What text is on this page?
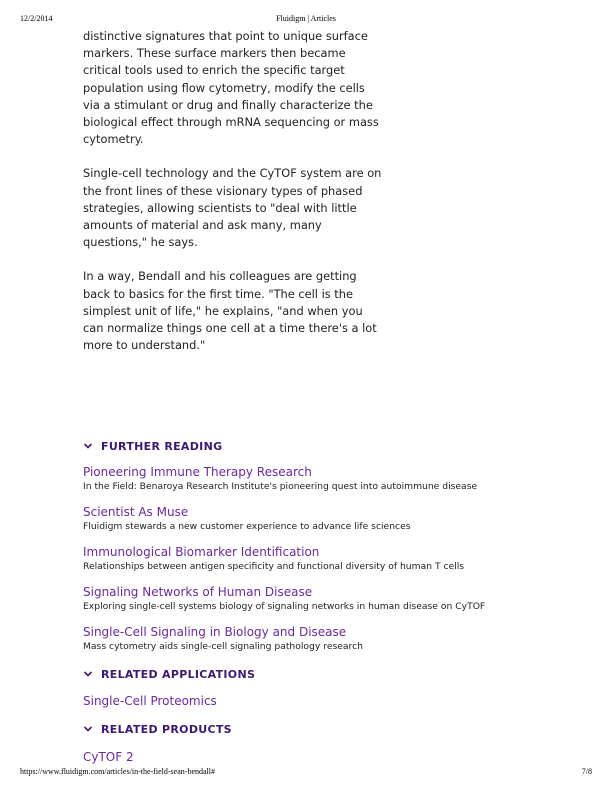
12/2/2014	Fluidigm | Articles

distinctive signatures that point to unique surface markers. These surface markers then became critical tools used to enrich the specific target population using flow cytometry, modify the cells via a stimulant or drug and finally characterize the biological effect through mRNA sequencing or mass cytometry.

Single-cell technology and the CyTOF system are on the front lines of these visionary types of phased strategies, allowing scientists to "deal with little amounts of material and ask many, many questions," he says.

In a way, Bendall and his colleagues are getting back to basics for the first time. "The cell is the simplest unit of life," he explains, "and when you can normalize things one cell at a time there's a lot more to understand."

FURTHER READING
Pioneering Immune Therapy Research
In the Field: Benaroya Research Institute's pioneering quest into autoimmune disease
Scientist As Muse
Fluidigm stewards a new customer experience to advance life sciences
Immunological Biomarker Identification
Relationships between antigen specificity and functional diversity of human T cells
Signaling Networks of Human Disease
Exploring single-cell systems biology of signaling networks in human disease on CyTOF
Single-Cell Signaling in Biology and Disease
Mass cytometry aids single-cell signaling pathology research
RELATED APPLICATIONS
Single-Cell Proteomics
RELATED PRODUCTS
CyTOF 2
https://www.fluidigm.com/articles/in-the-field-sean-bendall#	7/8
